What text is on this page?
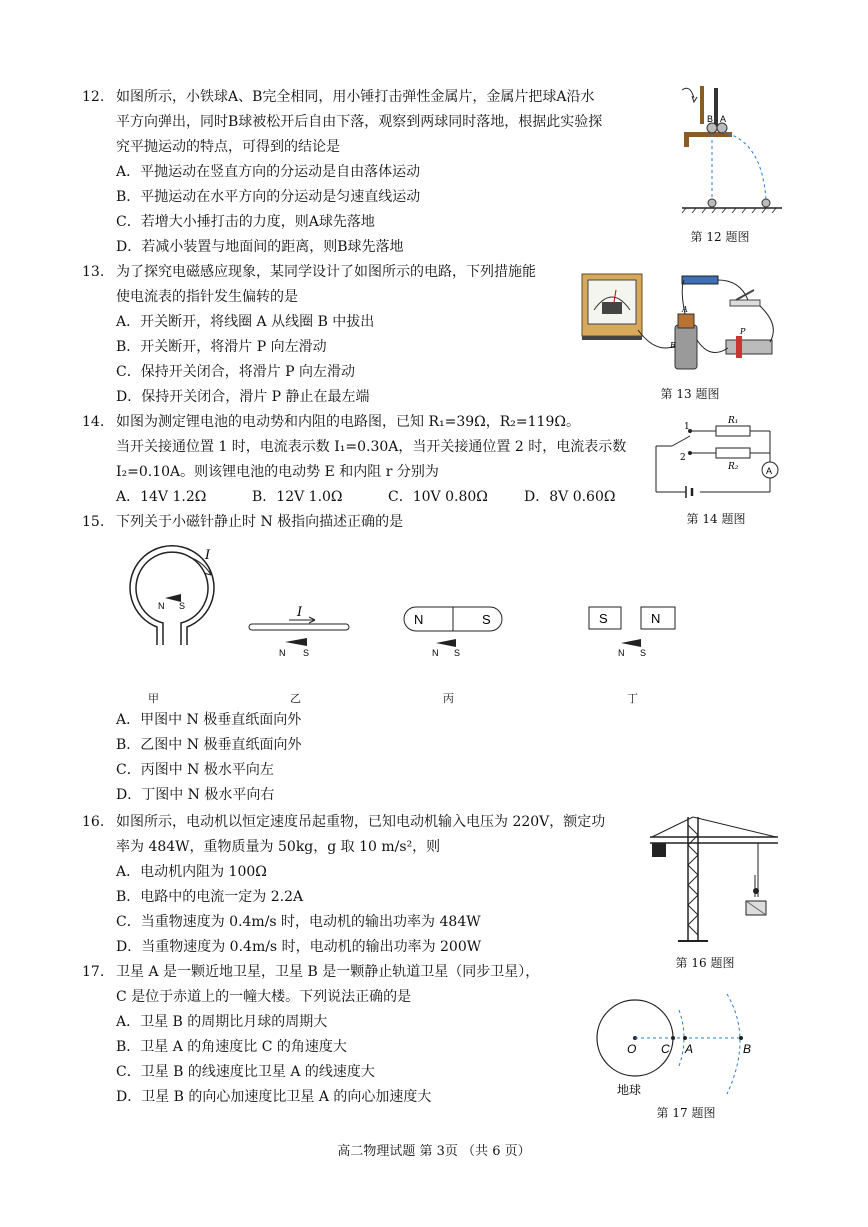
12. 如图所示，小铁球A、B完全相同，用小锤打击弹性金属片，金属片把球A沿水

平方向弹出，同时B球被松开后自由下落，观察到两球同时落地，根据此实验探

究平抛运动的特点，可得到的结论是

A．平抛运动在竖直方向的分运动是自由落体运动

B．平抛运动在水平方向的分运动是匀速直线运动

C．若增大小捶打击的力度，则A球先落地

D．若减小装置与地面间的距离，则B球先落地

B A
第 12 题图

13. 为了探究电磁感应现象，某同学设计了如图所示的电路，下列措施能

使电流表的指针发生偏转的是

A．开关断开，将线圈 A 从线圈 B 中拔出

B．开关断开，将滑片 P 向左滑动

C．保持开关闭合，将滑片 P 向左滑动

D．保持开关闭合，滑片 P 静止在最左端

B
A
P
第 13 题图

14. 如图为测定锂电池的电动势和内阻的电路图，已知 R₁=39Ω，R₂=119Ω。

当开关接通位置 1 时，电流表示数 I₁=0.30A，当开关接通位置 2 时，电流表示数

I₂=0.10A。则该锂电池的电动势 E 和内阻 r 分别为

A．14V 1.2Ω	B．12V 1.0Ω	C．10V 0.80Ω	D．8V 0.60Ω
R₁
R₂
1
2
A
第 14 题图

15. 下列关于小磁针静止时 N 极指向描述正确的是

I
N S	I
N S
N	S
N S
S	N
N S
甲	乙	丙	丁

A．甲图中 N 极垂直纸面向外

B．乙图中 N 极垂直纸面向外

C．丙图中 N 极水平向左

D．丁图中 N 极水平向右

16. 如图所示，电动机以恒定速度吊起重物，已知电动机输入电压为 220V，额定功

率为 484W，重物质量为 50kg，g 取 10 m/s²，则

A．电动机内阻为 100Ω

B．电路中的电流一定为 2.2A

C．当重物速度为 0.4m/s 时，电动机的输出功率为 484W

D．当重物速度为 0.4m/s 时，电动机的输出功率为 200W

第 16 题图

17. 卫星 A 是一颗近地卫星，卫星 B 是一颗静止轨道卫星（同步卫星），

C 是位于赤道上的一幢大楼。下列说法正确的是

A．卫星 B 的周期比月球的周期大

B．卫星 A 的角速度比 C 的角速度大

C．卫星 B 的线速度比卫星 A 的线速度大

D．卫星 B 的向心加速度比卫星 A 的向心加速度大

O C A	B
地球
第 17 题图
高二物理试题 第 3页 （共 6 页）
